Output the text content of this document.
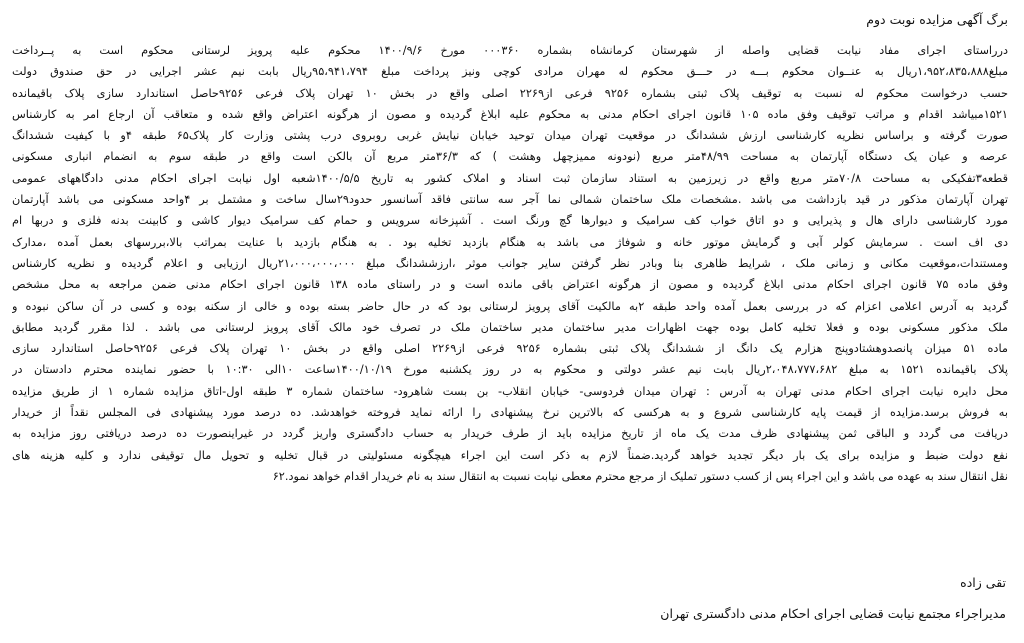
برگ آگهی مزایده نوبت دوم
درراستای اجرای مفاد نیابت قضایی واصله از شهرستان کرمانشاه بشماره ۰۰۰۳۶۰ مورخ ۱۴۰۰/۹/۶ محکوم علیه پرویز لرستانی محکوم است به پــرداخت
مبلغ۱،۹۵۲،۸۳۵،۸۸۸ریال به عنــوان محکوم بـــه در حـــق محکوم له مهران مرادی کوچی ونیز پرداخت مبلغ ۹۵،۹۴۱،۷۹۴ریال بابت نیم عشر اجرایی در حق صندوق دولت
حسب درخواست محکوم له نسبت به توقیف پلاک ثبتی بشماره ۹۲۵۶ فرعی از۲۲۶۹ اصلی واقع در بخش ۱۰ تهران پلاک فرعی ۹۲۵۶حاصل استاندارد سازی پلاک باقیمانده
۱۵۲۱مبیاشد اقدام و مراتب توقیف وفق ماده ۱۰۵ قانون اجرای احکام مدنی به محکوم علیه ابلاغ گردیده و مصون از هرگونه اعتراض واقع شده و متعاقب آن ارجاع امر به کارشناس
صورت گرفته و براساس نظریه کارشناسی ارزش ششدانگ در موقعیت تهران میدان توحید خیابان نیایش غربی روبروی درب پشتی وزارت کار پلاک۶۵ طبقه ۴و با کیفیت ششدانگ
عرصه و عیان یک دستگاه آپارتمان به مساحت ۴۸/۹۹متر مربع (نودونه ممیزچهل وهشت ) که ۳۶/۳متر مربع آن بالکن است واقع در طبقه سوم به انضمام انباری مسکونی
قطعه۳تفکیکی به مساحت ۷۰/۸متر مربع واقع در زیرزمین به استناد سازمان ثبت اسناد و املاک کشور به تاریخ ۱۴۰۰/۵/۵شعبه اول نیابت اجرای احکام مدنی دادگاههای عمومی
تهران آپارتمان مذکور در قید بازداشت می باشد .مشخصات ملک ساختمان شمالی نما آجر سه سانتی فاقد آسانسور حدود۲۹سال ساخت و مشتمل بر ۴واحد مسکونی می باشد آپارتمان
مورد کارشناسی دارای هال و پذیرایی و دو اتاق خواب کف سرامیک و دیوارها گچ ورنگ است . آشپزخانه سرویس و حمام کف سرامیک دیوار کاشی و کابینت بدنه فلزی و دربها ام
دی اف است . سرمایش کولر آبی و گرمایش موتور خانه و شوفاژ می باشد به هنگام بازدید تخلیه بود . به هنگام بازدید با عنایت بمراتب بالا،بررسهای بعمل آمده ،مدارک
ومستندات،موقعیت مکانی و زمانی ملک ، شرایط ظاهری بنا وبادر نظر گرفتن سایر جوانب موثر ،ارزششدانگ مبلغ ۲۱،۰۰۰،۰۰۰،۰۰۰ریال ارزیابی و اعلام گردیده و نظریه کارشناس
وفق ماده ۷۵ قانون اجرای احکام مدنی ابلاغ گردیده و مصون از هرگونه اعتراض باقی مانده است و در راستای ماده ۱۳۸ قانون اجرای احکام مدنی ضمن مراجعه به محل مشخص
گردید به آدرس اعلامی اعزام که در بررسی بعمل آمده واحد طبقه ۲به مالکیت آقای پرویز لرستانی بود که در حال حاضر بسته بوده و خالی از سکنه بوده و کسی در آن ساکن نبوده و
ملک مذکور مسکونی بوده و فعلا تخلیه کامل بوده جهت اظهارات مدیر ساختمان مدیر ساختمان ملک در تصرف خود مالک آقای پرویز لرستانی می باشد . لذا مقرر گردید مطابق
ماده ۵۱ میزان پانصدوهشتادوپنج هزارم یک دانگ از ششدانگ پلاک ثبتی بشماره ۹۲۵۶ فرعی از۲۲۶۹ اصلی واقع در بخش ۱۰ تهران پلاک فرعی ۹۲۵۶حاصل استاندارد سازی
پلاک باقیمانده ۱۵۲۱ به مبلغ ۲،۰۴۸،۷۷۷،۶۸۲ریال بابت نیم عشر دولتی و محکوم به در روز یکشنبه مورخ ۱۴۰۰/۱۰/۱۹ساعت ۱۰الی ۱۰:۳۰ با حضور نماینده محترم دادستان در
محل دایره نیابت اجرای احکام مدنی تهران به آدرس : تهران میدان فردوسی- خیابان انقلاب- بن بست شاهرود- ساختمان شماره ۳ طبقه اول-اتاق مزایده شماره ۱ از طریق مزایده
به فروش برسد.مزایده از قیمت پایه کارشناسی شروع و به هرکسی که بالاترین نرخ پیشنهادی را ارائه نماید فروخته خواهدشد. ده درصد مورد پیشنهادی فی المجلس نقداً از خریدار
دریافت می گردد و الباقی ثمن پیشنهادی ظرف مدت یک ماه از تاریخ مزایده باید از طرف خریدار به حساب دادگستری واریز گردد در غیراینصورت ده درصد دریافتی روز مزایده به
نفع دولت ضبط و مزایده برای یک بار دیگر تجدید خواهد گردید.ضمناً لازم به ذکر است این اجراء هیچگونه مسئولیتی در قبال تخلیه و تحویل مال توقیفی ندارد و کلیه هزینه های
نقل انتقال سند به عهده می باشد و این اجراء پس از کسب دستور تملیک از مرجع محترم معطی نیابت نسبت به انتقال سند به نام خریدار اقدام خواهد نمود.۶۲
تقی زاده
مدیراجراء مجتمع نیابت قضایی اجرای احکام مدنی دادگستری تهران
